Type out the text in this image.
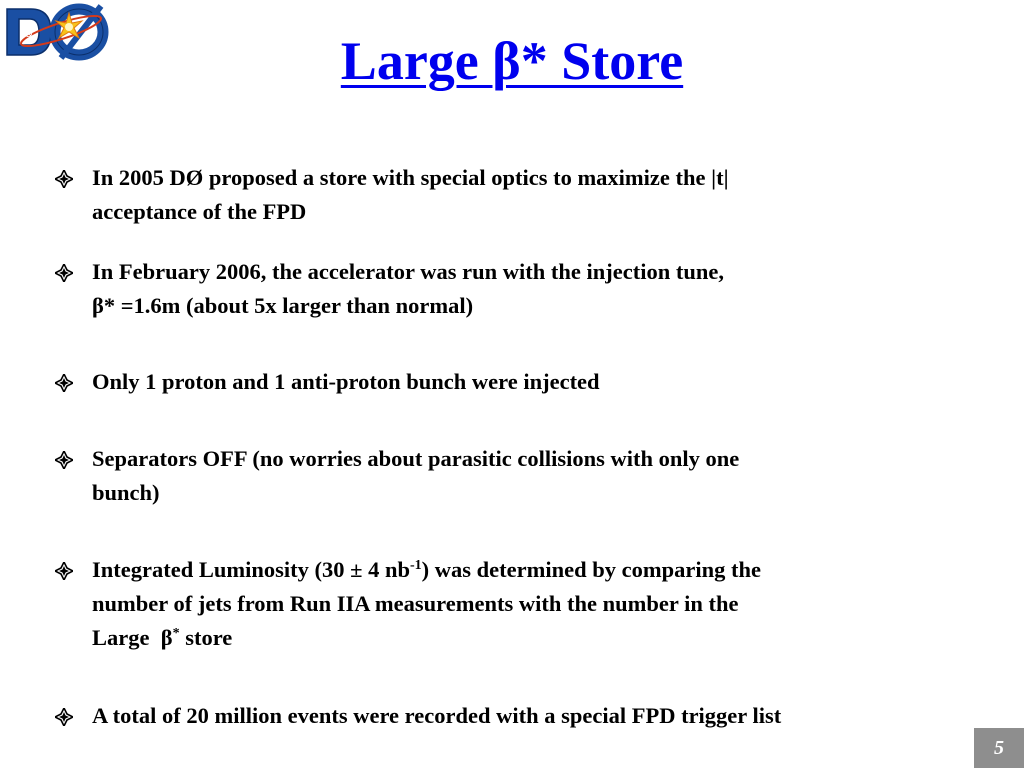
&	Large β* Store
In 2005 DØ proposed a store with special optics to maximize the |t|
acceptance of the FPD
In February 2006, the accelerator was run with the injection tune,
β* =1.6m (about 5x larger than normal)
Only 1 proton and 1 anti-proton bunch were injected
Separators OFF (no worries about parasitic collisions with only one
bunch)
Integrated Luminosity (30 ± 4 $nb^{-1}$) was determined by comparing the
number of jets from Run IIA measurements with the number in the
Large  β* store
A total of 20 million events were recorded with a special FPD trigger list
5
